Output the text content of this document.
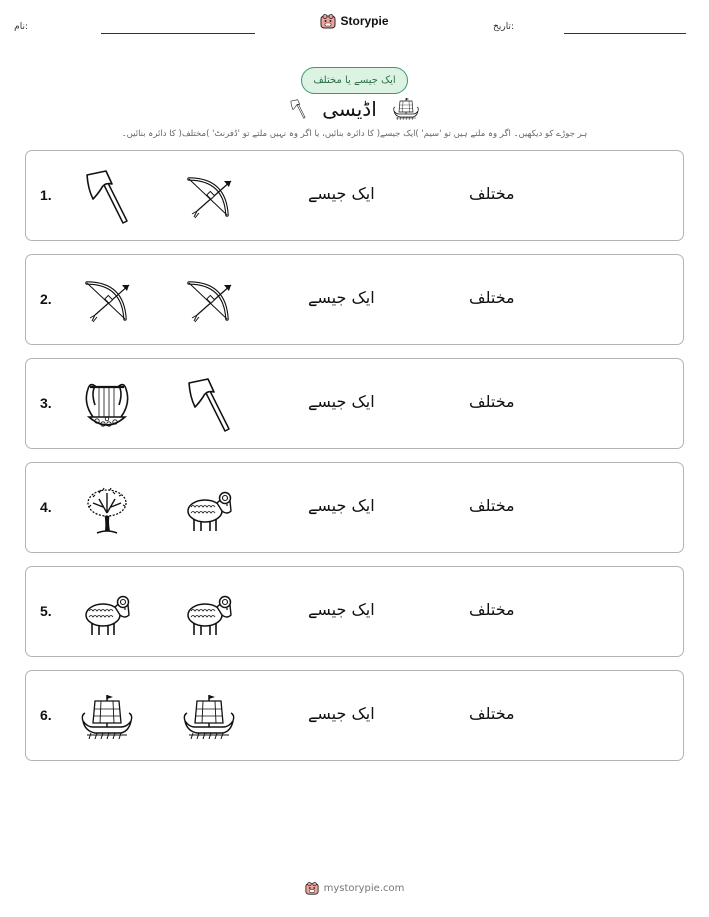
نام:	Storypie	تاریخ:
ایک جیسے یا مختلف
اڈیسی
ہر جوڑے کو دیکھیں۔ اگر وہ ملتے ہیں تو 'سیم' )ایک جیسے( کا دائرہ بنائیں، یا اگر وہ نہیں ملتے تو 'ڈفرنٹ' )مختلف( کا دائرہ بنائیں۔
1.	ایک جیسے	مختلف
2.	ایک جیسے	مختلف
3.	ایک جیسے	مختلف
4.	ایک جیسے	مختلف
5.	ایک جیسے	مختلف
6.	ایک جیسے	مختلف
mystorypie.com
